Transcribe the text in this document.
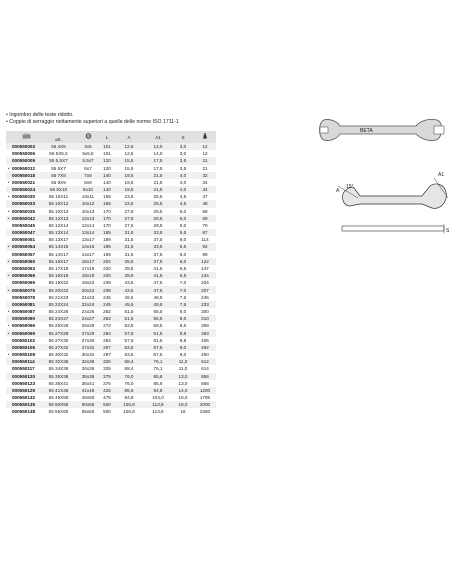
• Ingombro delle teste ridotto.
• Coppie di serraggio nettamente superiori a quelle delle norme ISO 1711-1
		art.		L	A	A1	S	
	000550003	55 4X5	4x5	101	12,5	14,0	3,0	12
	000550006	55 5X5,5	5x5,5	101	12,5	14,0	3,0	12
	000550009	55 5,5X7	5,5x7	120	15,5	17,5	3,5	21
•	000550012	55 6X7	6x7	120	15,5	17,5	3,5	21
	000550018	55 7X8	7x8	140	19,5	21,5	4,0	32
•	000550021	55 8X9	8x9	140	19,5	21,5	4,0	34
	000550024	55 8X10	8x10	140	19,5	21,5	4,0	34
•	000550030	55 10X11	10x11	155	23,5	25,5	4,5	47
	000550033	55 10X12	10x12	155	23,5	25,5	4,5	48
•	000550035	55 10X13	10x13	170	27,5	29,5	5,0	68
•	000550042	55 12X13	12x13	170	27,5	29,5	5,0	69
	000550045	55 12X14	12x14	170	27,5	29,5	5,0	70
	000550047	55 13X14	13x14	185	31,5	33,5	5,5	87
	000550051	55 13X17	13x17	189	31,5	37,5	6,0	114
•	000550054	55 14X15	14x15	185	31,5	33,5	5,5	92
	000550057	55 14X17	14x17	189	31,5	37,5	6,0	99
•	000550060	55 16X17	16x17	202	35,5	37,5	6,0	122
	000550063	55 17X19	17x19	220	39,5	41,5	6,5	147
•	000550066	55 18X19	18x19	220	39,5	41,5	6,5	134
	000550069	55 19X22	19x22	236	43,5	47,5	7,0	204
•	000550075	55 20X22	20x22	236	43,5	47,5	7,0	207
	000550078	55 21X23	21x23	245	45,5	49,5	7,6	245
	000550081	55 22X24	22x24	245	45,5	49,5	7,6	233
•	000550087	55 24X26	24x26	262	51,5	55,5	8,0	300
	000550090	55 24X27	24x27	262	51,5	55,5	8,0	310
•	000550096	55 25X28	25x28	272	53,5	59,5	8,6	359
•	000550099	55 27X29	27x29	284	57,5	61,5	8,8	393
	000550102	55 27X30	27x30	284	57,5	61,5	8,8	405
	000550105	55 27X32	27x32	297	63,5	67,5	9,0	492
•	000550108	55 30X32	30x32	297	63,5	67,5	9,0	490
	000550114	55 32X36	32x36	325	68,4	76,1	11,0	612
	000550117	55 34X36	34x36	325	68,4	76,1	11,0	614
	000550120	55 35X38	35x38	375	76,0	85,6	13,0	856
	000550123	55 36X41	36x41	375	76,0	85,6	13,0	858
	000550129	55 41X46	41x46	425	85,6	94,8	14,0	1200
	000550132	55 46X50	46x50	475	94,8	104,0	15,0	1785
	000550135	55 50X55	50x55	500	106,8	113,8	16,0	2000
	000550138	55 55X60	55x60	500	106,8	113,8	16	2350
BETA
A
15°
A1
S
